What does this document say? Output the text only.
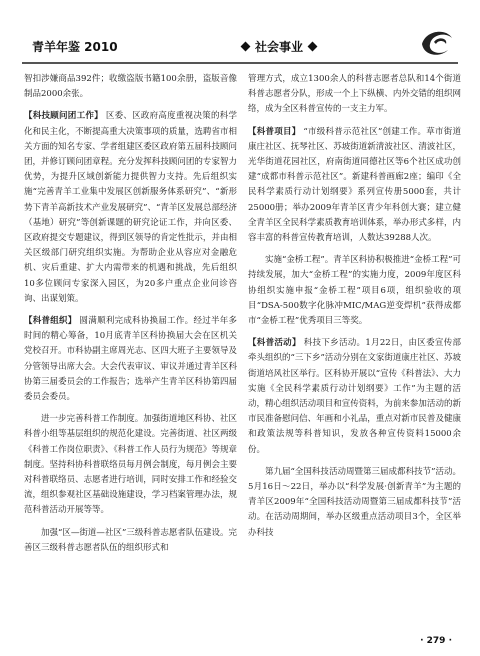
青羊年鉴 2010	社会事业

智扣涉嫌商品392件；收缴盗版书籍100余册，盗版音像制品2000余张。

【科技顾问团工作】 区委、区政府高度重视决策的科学化和民主化，不断提高重大决策事项的质量，选聘省市相关方面的知名专家、学者组建区委区政府第五届科技顾问团，并修订顾问团章程。充分发挥科技顾问团的专家智力优势，为提升区域创新能力提供智力支持。先后组织实施“完善青羊工业集中发展区创新服务体系研究”、“新形势下青羊高新技术产业发展研究”、“青羊区发展总部经济（基地）研究”等创新课题的研究论证工作，并向区委、区政府提交专题建议，得到区领导的肯定性批示，并由相关区级部门研究组织实施。为帮助企业从容应对金融危机、灾后重建、扩大内需带来的机遇和挑战，先后组织10多位顾问专家深入园区，为20多户重点企业问诊咨询、出谋划策。

【科普组织】 圆满顺利完成科协换届工作。经过半年多时间的精心筹备，10月底青羊区科协换届大会在区机关党校召开。市科协副主席周光志、区四大班子主要领导及分管领导出席大会。大会代表审议、审议并通过青羊区科协第三届委员会的工作报告；选举产生青羊区科协第四届委员会委员。

进一步完善科普工作制度。加强街道地区科协、社区科普小组等基层组织的规范化建设。完善街道、社区两级《科普工作岗位职责》、《科普工作人员行为规范》等规章制度。坚持科协科普联络员每月例会制度，每月例会主要对科普联络员、志愿者进行培训，同时安排工作和经验交流，组织参观社区基础设施建设，学习档案管理办法，规范科普活动开展等等。

加强“区—街道—社区”三级科普志愿者队伍建设。完善区三级科普志愿者队伍的组织形式和

管理方式，成立1300余人的科普志愿者总队和14个街道科普志愿者分队，形成一个上下纵横、内外交错的组织网络，成为全区科普宣传的一支主力军。

【科普项目】 “市级科普示范社区”创建工作。草市街道康庄社区、抚琴社区、苏坡街道新清波社区、清波社区，光华街道花园社区，府南街道同德社区等6个社区成功创建“成都市科普示范社区”。新建科普画廊2座；编印《全民科学素质行动计划纲要》系列宣传册5000套，共计25000册；举办2009年青羊区青少年科创大赛；建立健全青羊区全民科学素质教育培训体系，举办形式多样，内容丰富的科普宣传教育培训，人数达39288人次。

实施“金桥工程”。青羊区科协积极推进“金桥工程”可持续发展，加大“金桥工程”的实施力度，2009年度区科协组织实施申报“金桥工程”项目6项，组织验收的项目“DSA-500数字化脉冲MIC/MAG逆变焊机”获得成都市“金桥工程”优秀项目三等奖。

【科普活动】 科技下乡活动。1月22日，由区委宣传部牵头组织的“三下乡”活动分别在文家街道康庄社区、苏坡街道培风社区举行。区科协开展以“宣传《科普法》、大力实施《全民科学素质行动计划纲要》工作”为主题的活动，精心组织活动项目和宣传资料，为前来参加活动的新市民准备慰问信、年画和小礼品，重点对新市民普及健康和政策法规等科普知识，发放各种宣传资料15000余份。

第九届“全国科技活动周暨第三届成都科技节”活动。5月16日～22日，举办以“科学发展·创新青羊”为主题的青羊区2009年“全国科技活动周暨第三届成都科技节”活动。在活动周期间，举办区级重点活动项目3个，全区举办科技

· 279 ·
